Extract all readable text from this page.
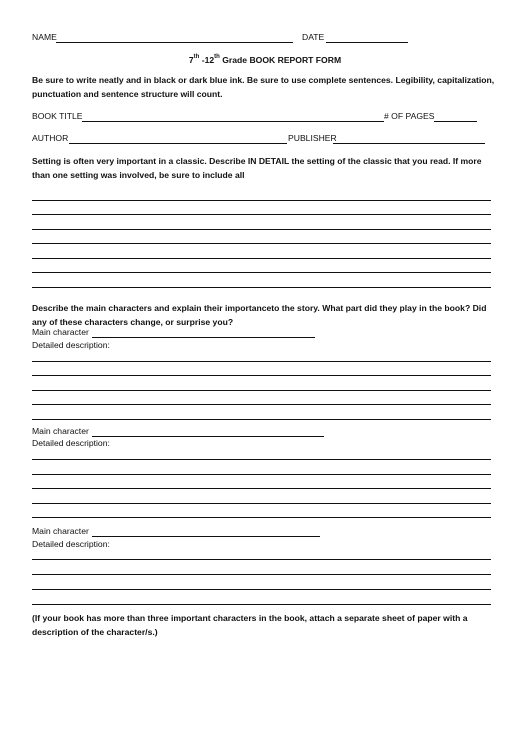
NAME	DATE
7th -12th Grade BOOK REPORT FORM
Be sure to write neatly and in black or dark blue ink. Be sure to use complete sentences. Legibility, capitalization, punctuation and sentence structure will count.
BOOK TITLE	# OF PAGES
AUTHOR	PUBLISHER
Setting is often very important in a classic. Describe IN DETAIL the setting of the classic that you read. If more than one setting was involved, be sure to include all
Describe the main characters and explain their importanceto the story. What part did they play in the book? Did any of these characters change, or surprise you?
Main character
Detailed description:
Main character
Detailed description:
Main character
Detailed description:
(If your book has more than three important characters in the book, attach a separate sheet of paper with a description of the character/s.)
